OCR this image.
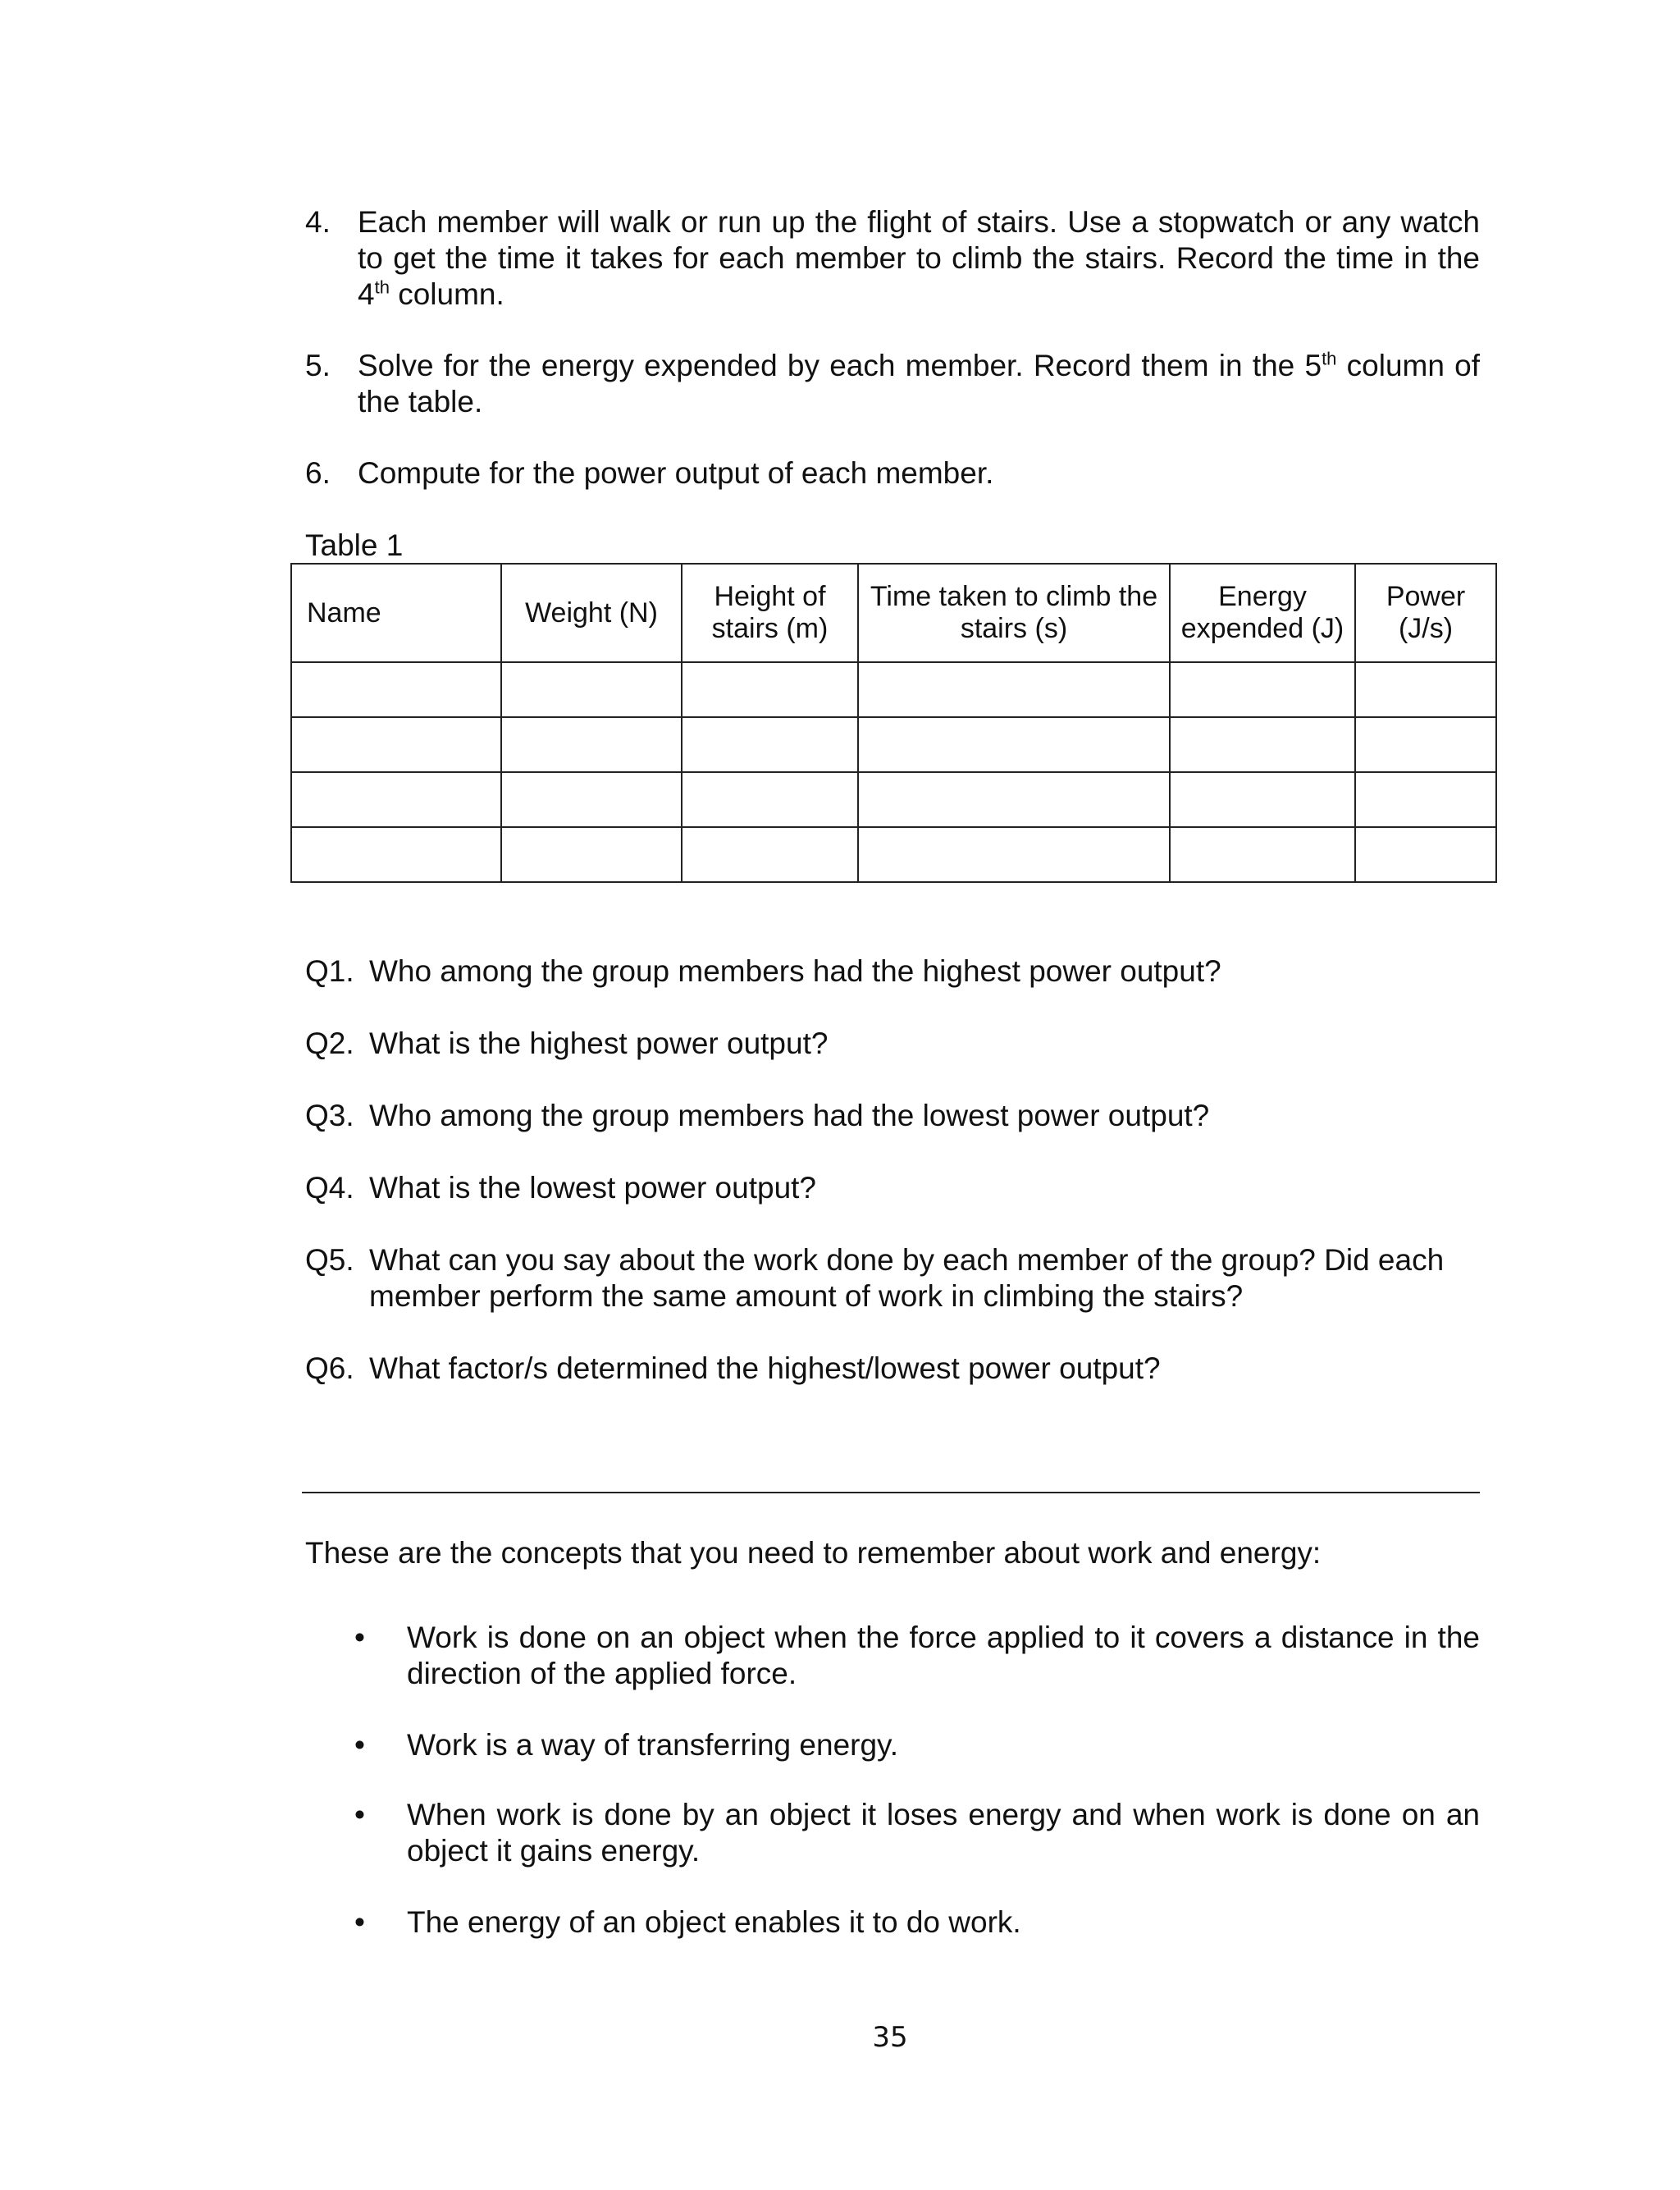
4. Each member will walk or run up the flight of stairs. Use a stopwatch or any watch to get the time it takes for each member to climb the stairs. Record the time in the 4th column.
5. Solve for the energy expended by each member. Record them in the 5th column of the table.
6. Compute for the power output of each member.
Table 1
Name	Weight (N)	Height of stairs (m)	Time taken to climb the stairs (s)	Energy expended (J)	Power (J/s)

Q1. Who among the group members had the highest power output?
Q2. What is the highest power output?
Q3. Who among the group members had the lowest power output?
Q4. What is the lowest power output?
Q5. What can you say about the work done by each member of the group? Did each member perform the same amount of work in climbing the stairs?
Q6. What factor/s determined the highest/lowest power output?
These are the concepts that you need to remember about work and energy:
•	Work is done on an object when the force applied to it covers a distance in the direction of the applied force.
•	Work is a way of transferring energy.
•	When work is done by an object it loses energy and when work is done on an object it gains energy.
•	The energy of an object enables it to do work.
35
